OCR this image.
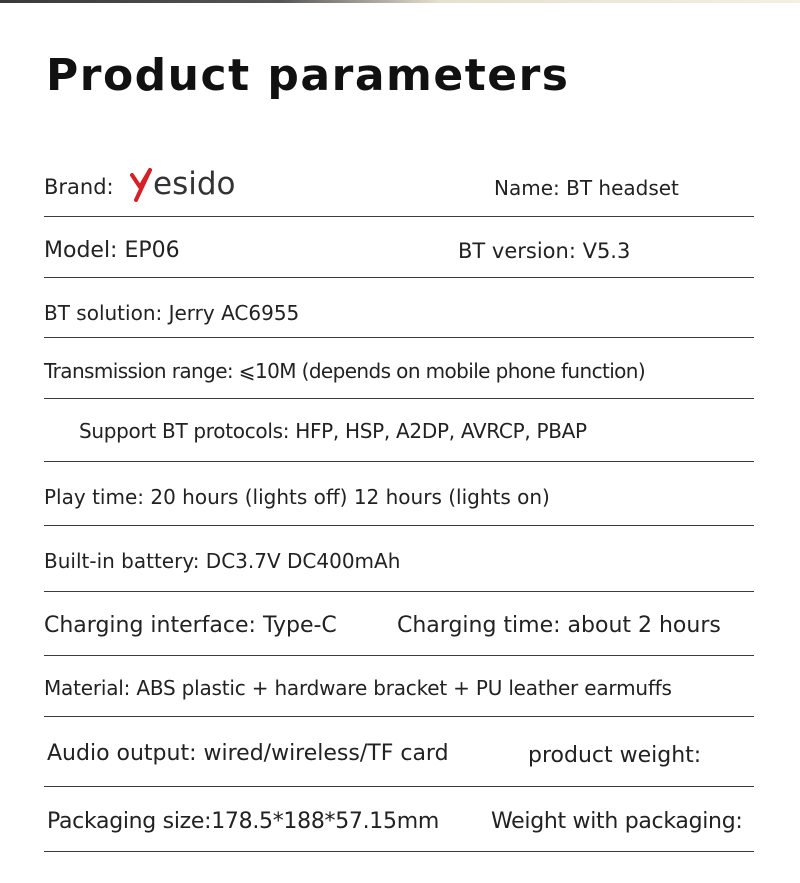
Product parameters
Brand: esido	Name: BT headset
Model: EP06	BT version: V5.3
BT solution: Jerry AC6955
Transmission range: ⩽10M (depends on mobile phone function)
Support BT protocols: HFP, HSP, A2DP, AVRCP, PBAP
Play time: 20 hours (lights off) 12 hours (lights on)
Built-in battery: DC3.7V DC400mAh
Charging interface: Type-C	Charging time: about 2 hours
Material: ABS plastic + hardware bracket + PU leather earmuffs
Audio output: wired/wireless/TF card	product weight:
Packaging size:178.5*188*57.15mm Weight with packaging:
